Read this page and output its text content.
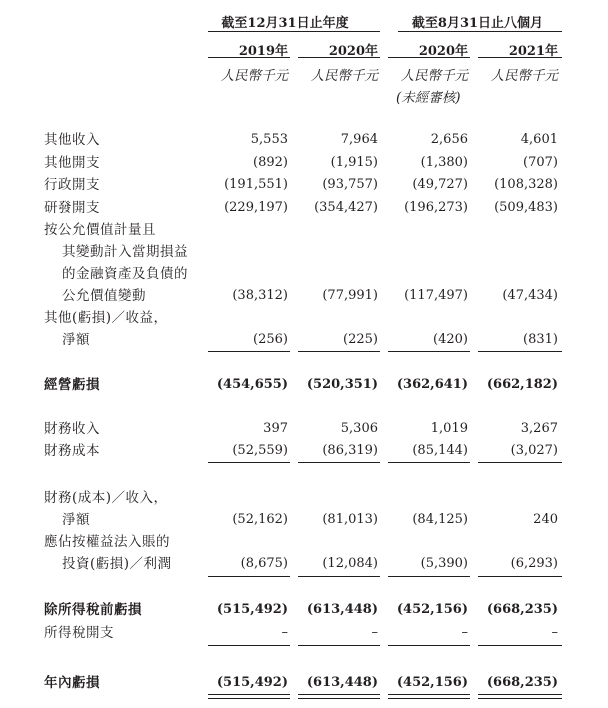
截至12月31日止年度	截至8月31日止八個月
2019年	2020年	2020年	2021年
人民幣千元	人民幣千元	人民幣千元	人民幣千元
(未經審核)
其他收入	5,553	7,964	2,656	4,601
其他開支	(892)	(1,915)	(1,380)	(707)
行政開支	(191,551)	(93,757)	(49,727)	(108,328)
研發開支	(229,197)	(354,427)	(196,273)	(509,483)
按公允價值計量且
其變動計入當期損益
的金融資產及負債的
公允價值變動	(38,312)	(77,991)	(117,497)	(47,434)
其他(虧損)／收益，
淨額	(256)	(225)	(420)	(831)
經營虧損	(454,655)	(520,351)	(362,641)	(662,182)
財務收入	397	5,306	1,019	3,267
財務成本	(52,559)	(86,319)	(85,144)	(3,027)
財務(成本)／收入，
淨額	(52,162)	(81,013)	(84,125)	240
應佔按權益法入賬的
投資(虧損)／利潤	(8,675)	(12,084)	(5,390)	(6,293)
除所得稅前虧損	(515,492)	(613,448)	(452,156)	(668,235)
所得稅開支	–	–	–	–
年內虧損	(515,492)	(613,448)	(452,156)	(668,235)
